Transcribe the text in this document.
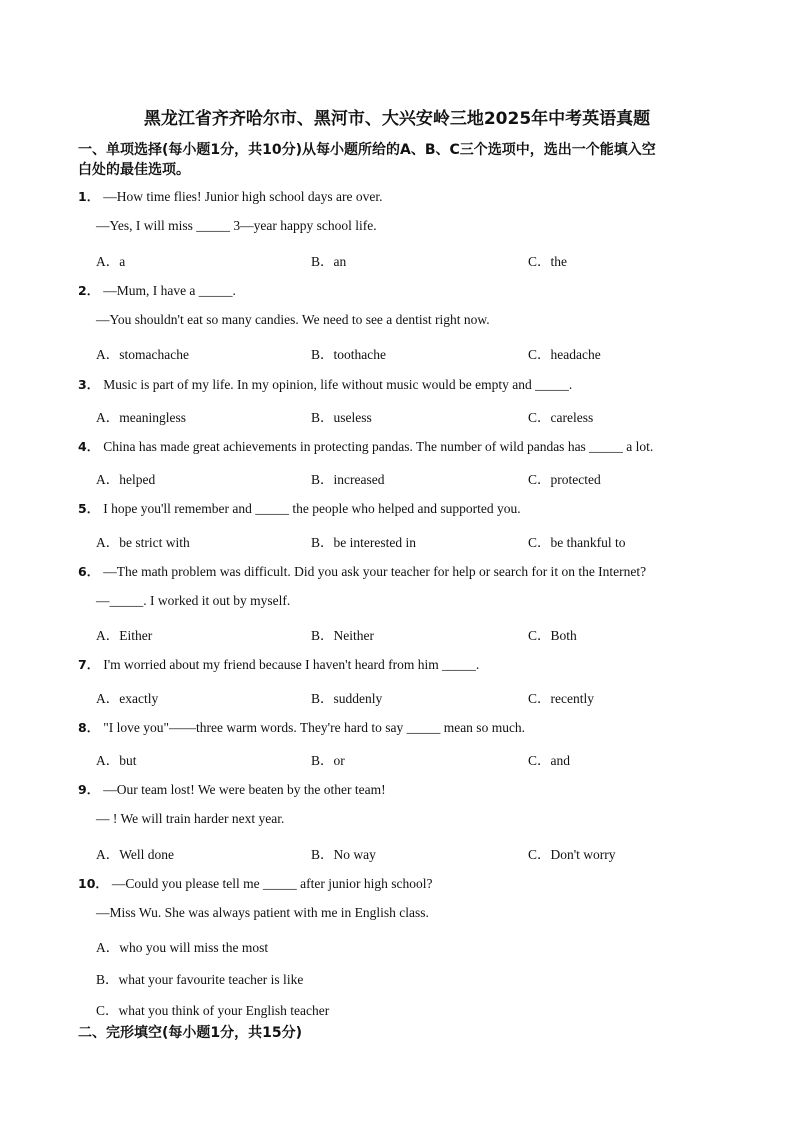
黑龙江省齐齐哈尔市、黑河市、大兴安岭三地2025年中考英语真题
一、单项选择(每小题1分，共10分)从每小题所给的A、B、C三个选项中，选出一个能填入空
白处的最佳选项。
1． —How time flies! Junior high school days are over.
—Yes, I will miss _____ 3—year happy school life.
A．a	B．an	C．the
2． —Mum, I have a _____.
—You shouldn't eat so many candies. We need to see a dentist right now.
A．stomachache	B．toothache	C．headache
3． Music is part of my life. In my opinion, life without music would be empty and _____.
A．meaningless	B．useless	C．careless
4． China has made great achievements in protecting pandas. The number of wild pandas has _____ a lot.
A．helped	B．increased	C．protected
5． I hope you'll remember and _____ the people who helped and supported you.
A．be strict with	B．be interested in	C．be thankful to
6． —The math problem was difficult. Did you ask your teacher for help or search for it on the Internet?
—_____. I worked it out by myself.
A．Either	B．Neither	C．Both
7． I'm worried about my friend because I haven't heard from him _____.
A．exactly	B．suddenly	C．recently
8． "I love you"——three warm words. They're hard to say _____ mean so much.
A．but	B．or	C．and
9． —Our team lost! We were beaten by the other team!
— ! We will train harder next year.
A．Well done	B．No way	C．Don't worry
10． —Could you please tell me _____ after junior high school?
—Miss Wu. She was always patient with me in English class.
A．who you will miss the most
B．what your favourite teacher is like
C．what you think of your English teacher
二、完形填空(每小题1分，共15分)
